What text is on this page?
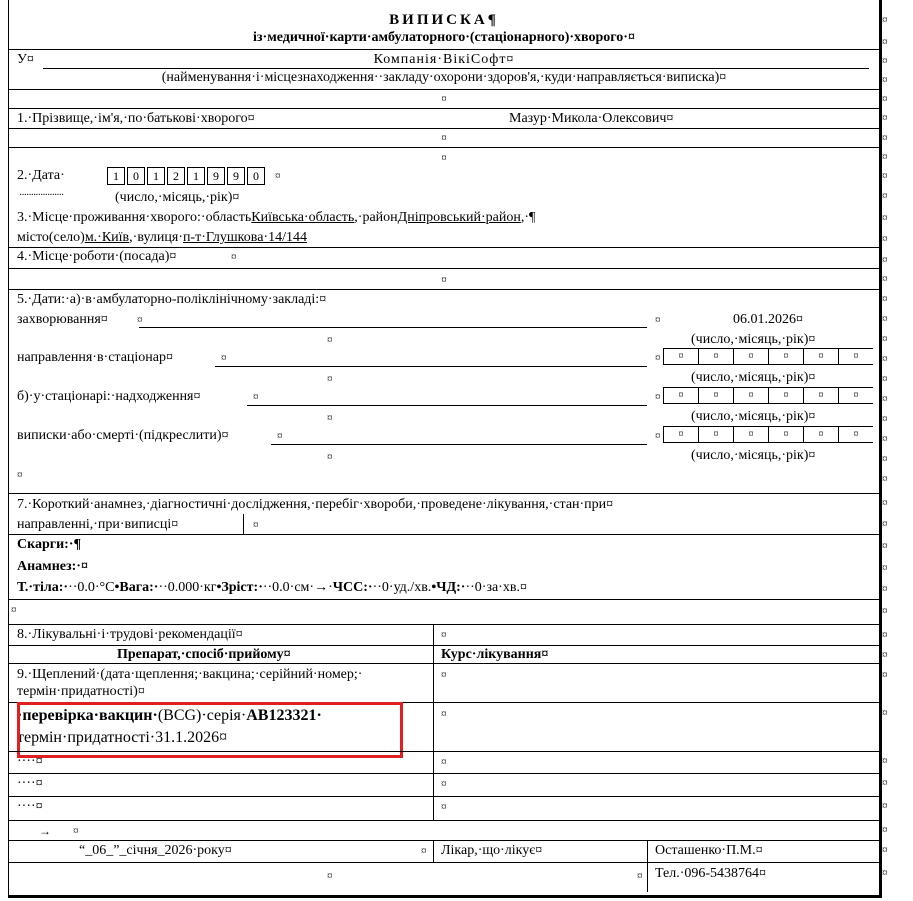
¤
¤
¤
¤
¤
¤
¤
¤
¤
¤
¤
¤
¤
¤
¤
¤
¤
¤
¤
¤
¤
¤
¤
¤
¤
¤
¤
¤
¤
¤
¤
¤
¤
¤
¤
¤
¤
¤
¤
¤
ВИПИСКА¶
із·медичної·карти·амбулаторного·(стаціонарного)·хворого·¤
У¤	Компанія·ВікіСофт¤
(найменування·і·місцезнаходження··закладу·охорони·здоров'я,·куди·направляється·виписка)¤
¤
1.·Прізвище,·ім'я,·по·батькові·хворого¤	Мазур·Микола·Олексович¤
¤
¤
2.·Дата·	1	0	1	2	1	9	9	0	¤
···················	(число,·місяць,·рік)¤
3.·Місце·проживання·хворого:·областьКиївська·область,·районДніпровський·район,·¶
місто(село)м.·Київ,·вулиця·п-т·Глушкова·14/144
4.·Місце·роботи·(посада)¤	¤
¤
5.·Дати:·а)·в·амбулаторно-поліклінічному·закладі:¤
захворювання¤	¤	¤	06.01.2026¤
¤	(число,·місяць,·рік)¤
направлення·в·стаціонар¤	¤	¤	¤	¤	¤	¤	¤	¤
¤	(число,·місяць,·рік)¤
б)·у·стаціонарі:·надходження¤	¤	¤	¤	¤	¤	¤	¤	¤
¤	(число,·місяць,·рік)¤
виписки·або·смерті·(підкреслити)¤	¤	¤	¤	¤	¤	¤	¤	¤
¤	(число,·місяць,·рік)¤
¤
7.·Короткий·анамнез,·діагностичні·дослідження,·перебіг·хвороби,·проведене·лікування,·стан·при¤
направленні,·при·виписці¤	¤
Скарги:·¶
Анамнез:·¤
Т.·тіла:···0.0·°С•Вага:···0.000·кг•Зріст:···0.0·см·→·ЧСС:···0·уд./хв.•ЧД:···0·за·хв.¤
¤
8.·Лікувальні·і·трудові·рекомендації¤	¤
Препарат,·спосіб·прийому¤	Курс·лікування¤
9.·Щеплений·(дата·щеплення;·вакцина;·серійний·номер;·
термін·придатності)¤
¤
·перевірка·вакцин·(BCG)·серія·АВ123321·
термін·придатності·31.1.2026¤
¤
····¤	¤
····¤	¤
····¤	¤
→ ¤
“_06_”_січня_2026·року¤	¤ Лікар,·що·лікує¤	Осташенко·П.М.¤
¤	¤ Тел.·096-5438764¤
